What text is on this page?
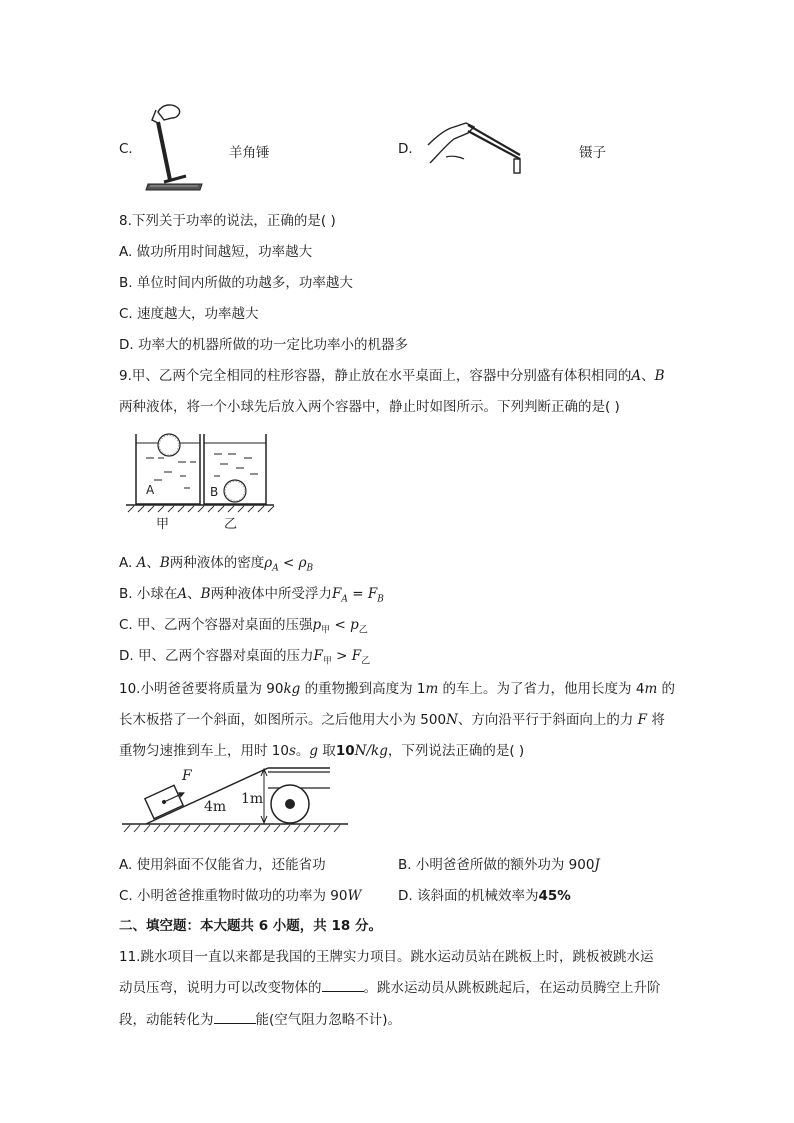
C.	羊角锤	D.	镊子
8.下列关于功率的说法，正确的是( )
A. 做功所用时间越短，功率越大
B. 单位时间内所做的功越多，功率越大
C. 速度越大，功率越大
D. 功率大的机器所做的功一定比功率小的机器多
9.甲、乙两个完全相同的柱形容器，静止放在水平桌面上，容器中分别盛有体积相同的A、B
两种液体，将一个小球先后放入两个容器中，静止时如图所示。下列判断正确的是( )
A	B
甲	乙
A. A、B两种液体的密度$\rho_A < \rho_B$
B. 小球在A、B两种液体中所受浮力$F_A = F_B$
C. 甲、乙两个容器对桌面的压强$p_甲 < p_乙$
D. 甲、乙两个容器对桌面的压力$F_甲 > F_乙$
10.小明爸爸要将质量为 90kg 的重物搬到高度为 1m 的车上。为了省力，他用长度为 4m 的
长木板搭了一个斜面，如图所示。之后他用大小为 500N、方向沿平行于斜面向上的力 F 将
重物匀速推到车上，用时 10s。g 取10N/kg，下列说法正确的是( )
1m
F
4m
A. 使用斜面不仅能省力，还能省功	B. 小明爸爸所做的额外功为 900J
C. 小明爸爸推重物时做功的功率为 90W	D. 该斜面的机械效率为45%
二、填空题：本大题共 6 小题，共 18 分。
11.跳水项目一直以来都是我国的王牌实力项目。跳水运动员站在跳板上时，跳板被跳水运
动员压弯，说明力可以改变物体的	。跳水运动员从跳板跳起后，在运动员腾空上升阶
段，动能转化为	能(空气阻力忽略不计)。
